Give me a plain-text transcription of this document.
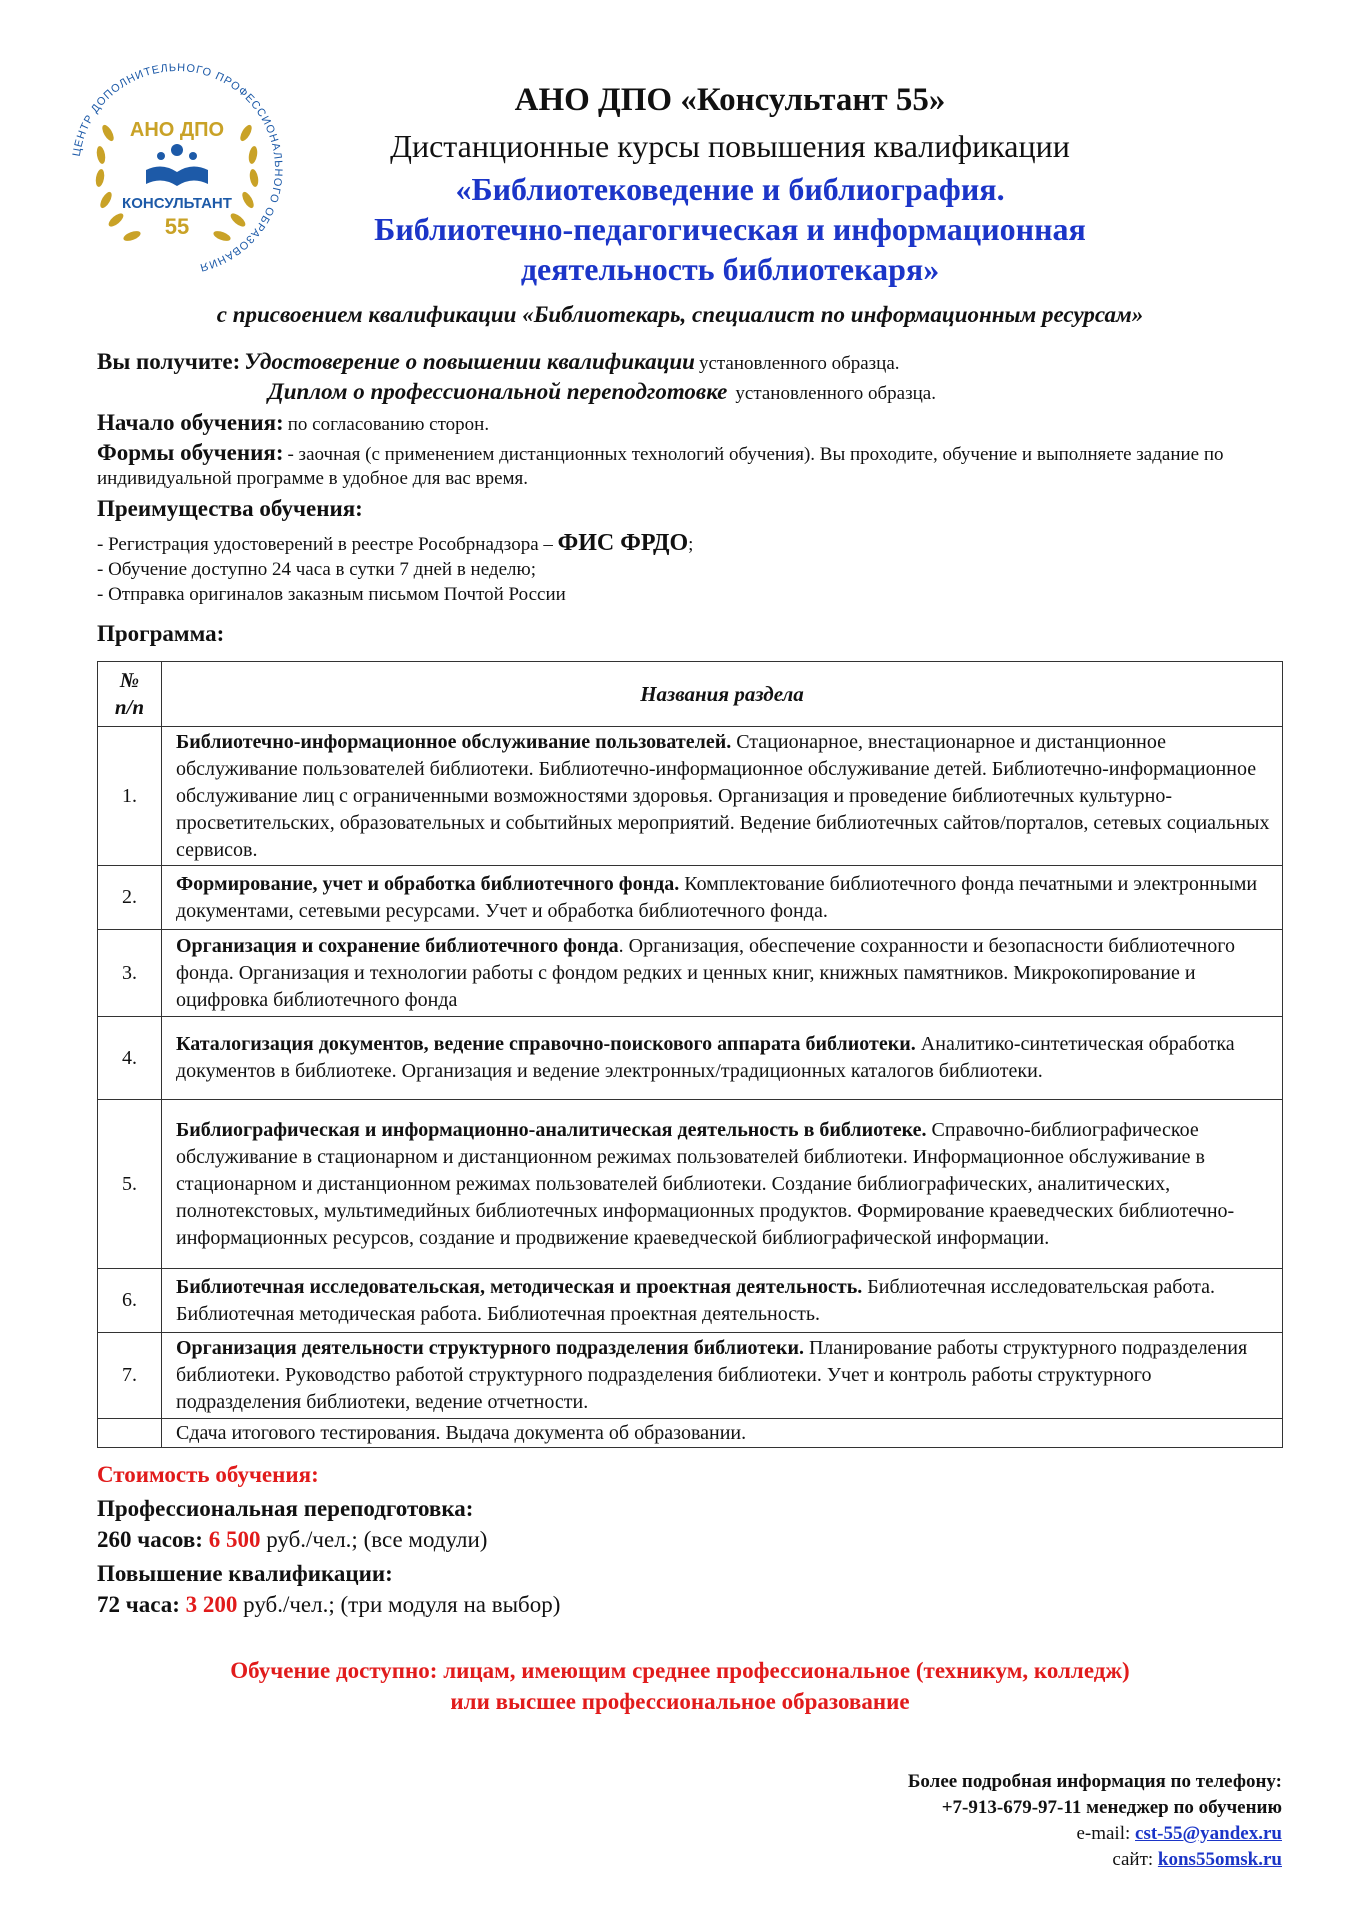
ЦЕНТР ДОПОЛНИТЕЛЬНОГО ПРОФЕССИОНАЛЬНОГО ОБРАЗОВАНИЯ
АНО ДПО
КОНСУЛЬТАНТ
55
АНО ДПО «Консультант 55»
Дистанционные курсы повышения квалификации
«Библиотековедение и библиография.
Библиотечно-педагогическая и информационная
деятельность библиотекаря»
с присвоением квалификации «Библиотекарь, специалист по информационным ресурсам»
Вы получите: Удостоверение о повышении квалификации установленного образца.
Диплом о профессиональной переподготовке установленного образца.
Начало обучения: по согласованию сторон.
Формы обучения: - заочная (с применением дистанционных технологий обучения). Вы проходите, обучение и выполняете задание по индивидуальной программе в удобное для вас время.
Преимущества обучения:
- Регистрация удостоверений в реестре Рособрнадзора – ФИС ФРДО;
- Обучение доступно 24 часа в сутки 7 дней в неделю;
- Отправка оригиналов заказным письмом Почтой России
Программа:
№
п/п	Названия раздела
1.	Библиотечно-информационное обслуживание пользователей. Стационарное, внестационарное и дистанционное обслуживание пользователей библиотеки. Библиотечно-информационное обслуживание детей. Библиотечно-информационное обслуживание лиц с ограниченными возможностями здоровья. Организация и проведение библиотечных культурно-просветительских, образовательных и событийных мероприятий. Ведение библиотечных сайтов/порталов, сетевых социальных сервисов.
2.	Формирование, учет и обработка библиотечного фонда. Комплектование библиотечного фонда печатными и электронными документами, сетевыми ресурсами. Учет и обработка библиотечного фонда.
3.	Организация и сохранение библиотечного фонда. Организация, обеспечение сохранности и безопасности библиотечного фонда. Организация и технологии работы с фондом редких и ценных книг, книжных памятников. Микрокопирование и оцифровка библиотечного фонда
4.	Каталогизация документов, ведение справочно-поискового аппарата библиотеки. Аналитико-синтетическая обработка документов в библиотеке. Организация и ведение электронных/традиционных каталогов библиотеки.
5.	Библиографическая и информационно-аналитическая деятельность в библиотеке. Справочно-библиографическое обслуживание в стационарном и дистанционном режимах пользователей библиотеки. Информационное обслуживание в стационарном и дистанционном режимах пользователей библиотеки. Создание библиографических, аналитических, полнотекстовых, мультимедийных библиотечных информационных продуктов. Формирование краеведческих библиотечно-информационных ресурсов, создание и продвижение краеведческой библиографической информации.
6.	Библиотечная исследовательская, методическая и проектная деятельность. Библиотечная исследовательская работа. Библиотечная методическая работа. Библиотечная проектная деятельность.
7.	Организация деятельности структурного подразделения библиотеки. Планирование работы структурного подразделения библиотеки. Руководство работой структурного подразделения библиотеки. Учет и контроль работы структурного подразделения библиотеки, ведение отчетности.
	Сдача итогового тестирования. Выдача документа об образовании.
Стоимость обучения:
Профессиональная переподготовка:
260 часов: 6 500 руб./чел.; (все модули)
Повышение квалификации:
72 часа: 3 200 руб./чел.; (три модуля на выбор)
Обучение доступно: лицам, имеющим среднее профессиональное (техникум, колледж)
или высшее профессиональное образование
Более подробная информация по телефону:
+7-913-679-97-11 менеджер по обучению
e-mail: cst-55@yandex.ru
сайт: kons55omsk.ru
